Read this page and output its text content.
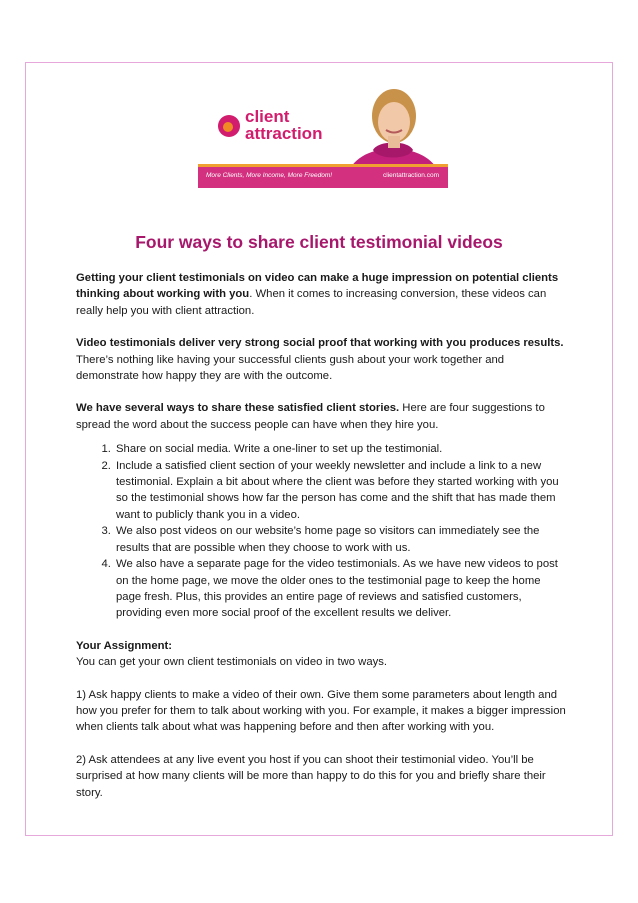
client
attraction
More Clients, More Income, More Freedom!	clientattraction.com
Four ways to share client testimonial videos

Getting your client testimonials on video can make a huge impression on potential clients thinking about working with you. When it comes to increasing conversion, these videos can really help you with client attraction.

Video testimonials deliver very strong social proof that working with you produces results. There’s nothing like having your successful clients gush about your work together and demonstrate how happy they are with the outcome.

We have several ways to share these satisfied client stories. Here are four suggestions to spread the word about the success people can have when they hire you.

1. Share on social media. Write a one-liner to set up the testimonial.
2. Include a satisfied client section of your weekly newsletter and include a link to a new testimonial. Explain a bit about where the client was before they started working with you so the testimonial shows how far the person has come and the shift that has made them want to publicly thank you in a video.
3. We also post videos on our website’s home page so visitors can immediately see the results that are possible when they choose to work with us.
4. We also have a separate page for the video testimonials. As we have new videos to post on the home page, we move the older ones to the testimonial page to keep the home page fresh. Plus, this provides an entire page of reviews and satisfied customers, providing even more social proof of the excellent results we deliver.

Your Assignment:
You can get your own client testimonials on video in two ways.

1) Ask happy clients to make a video of their own. Give them some parameters about length and how you prefer for them to talk about working with you. For example, it makes a bigger impression when clients talk about what was happening before and then after working with you.

2) Ask attendees at any live event you host if you can shoot their testimonial video. You’ll be surprised at how many clients will be more than happy to do this for you and briefly share their story.
